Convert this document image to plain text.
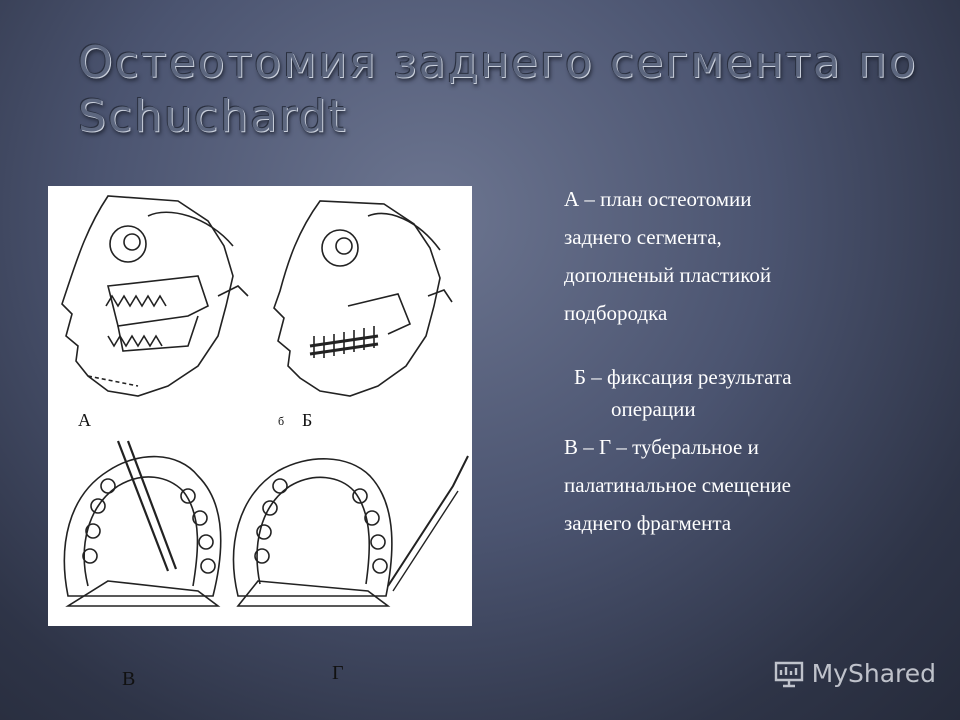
Остеотомия заднего сегмента по Schuchardt
А	б Б
В	Г

А – план остеотомии

заднего сегмента,

дополненый пластикой

подбородка

Б – фиксация результата

операции

В – Г – туберальное и

палатинальное смещение

заднего фрагмента

MyShared
